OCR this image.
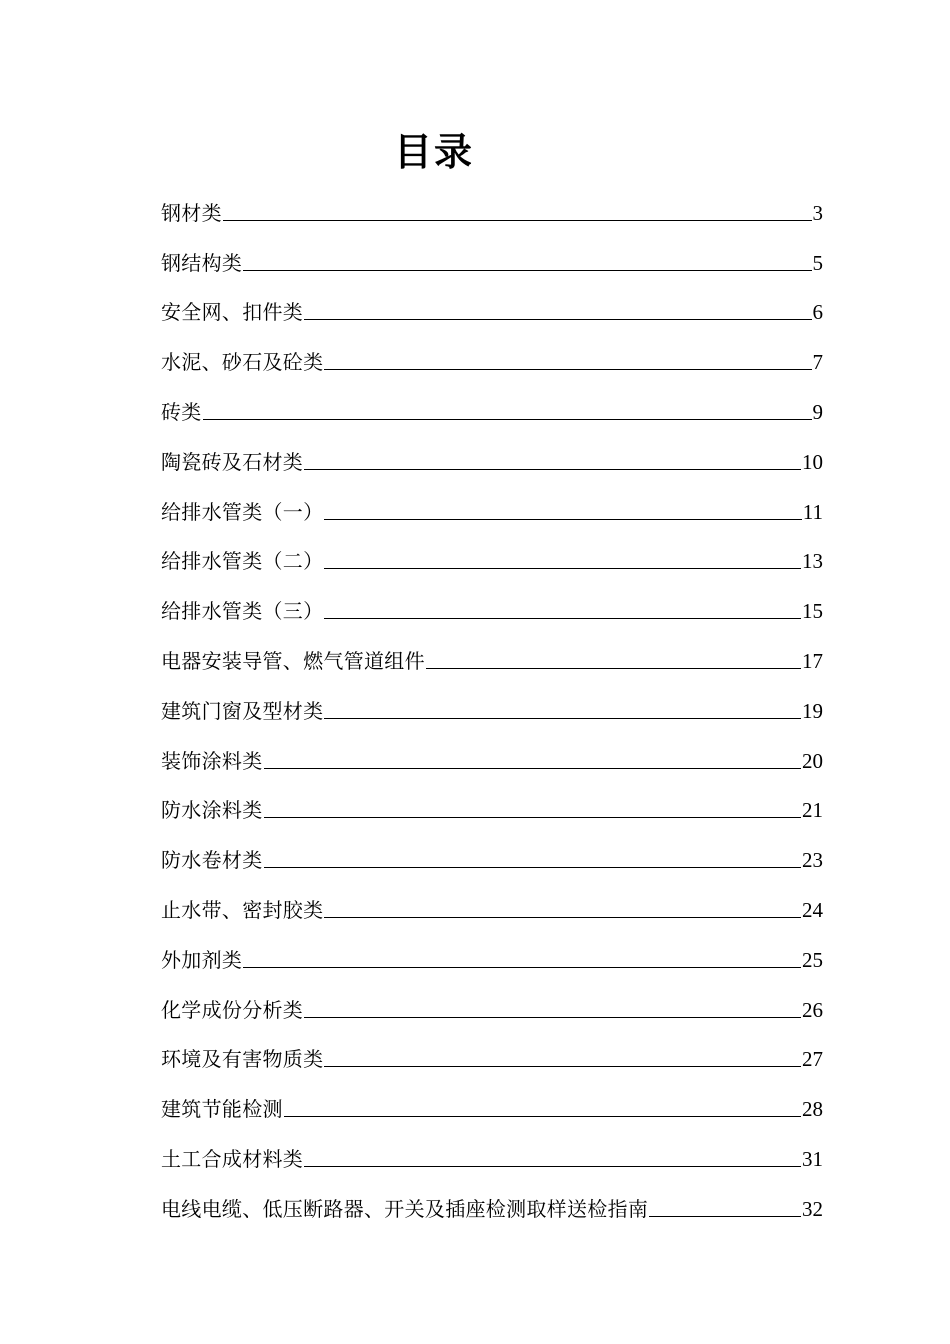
目录
钢材类	3
钢结构类	5
安全网、扣件类	6
水泥、砂石及砼类	7
砖类	9
陶瓷砖及石材类	10
给排水管类（一）	11
给排水管类（二）	13
给排水管类（三）	15
电器安装导管、燃气管道组件	17
建筑门窗及型材类	19
装饰涂料类	20
防水涂料类	21
防水卷材类	23
止水带、密封胶类	24
外加剂类	25
化学成份分析类	26
环境及有害物质类	27
建筑节能检测	28
土工合成材料类	31
电线电缆、低压断路器、开关及插座检测取样送检指南	32
